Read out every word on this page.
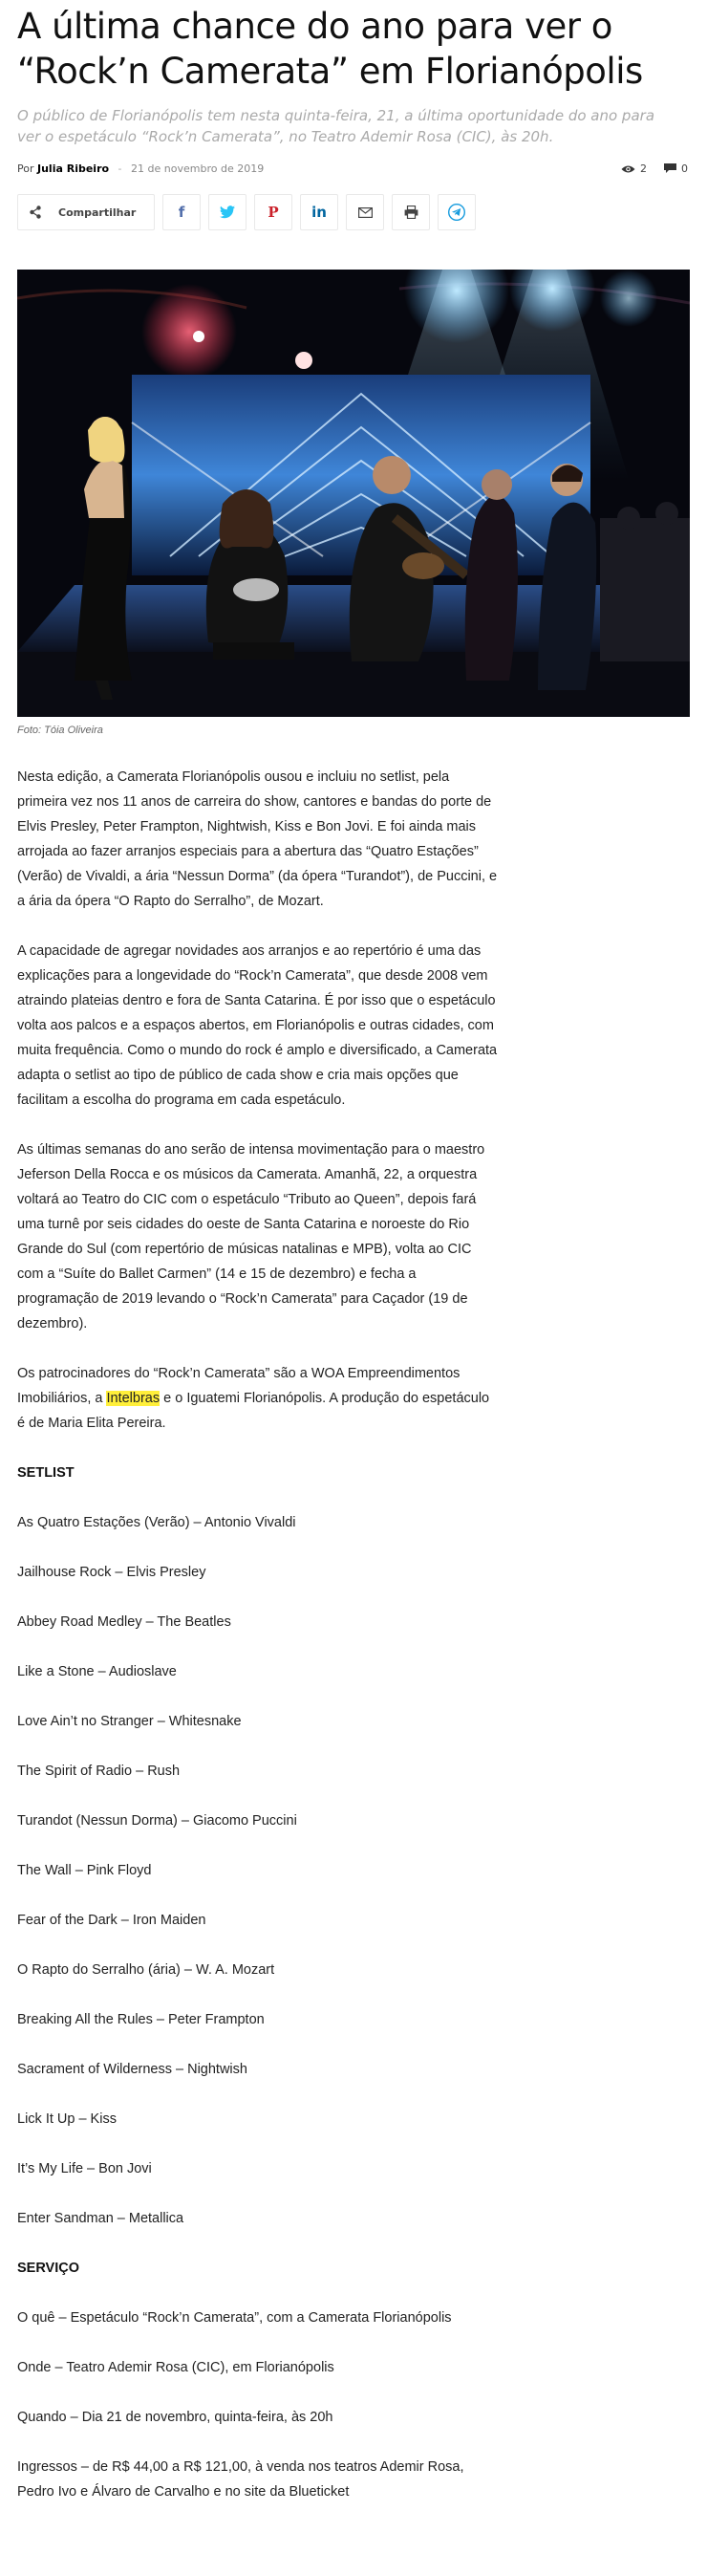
A última chance do ano para ver o “Rock’n Camerata” em Florianópolis

O público de Florianópolis tem nesta quinta-feira, 21, a última oportunidade do ano para ver o espetáculo “Rock’n Camerata”, no Teatro Ademir Rosa (CIC), às 20h.

Por Julia Ribeiro - 21 de novembro de 2019	2	0
Compartilhar	f	P in
Foto: Tóia Oliveira

Nesta edição, a Camerata Florianópolis ousou e incluiu no setlist, pela primeira vez nos 11 anos de carreira do show, cantores e bandas do porte de Elvis Presley, Peter Frampton, Nightwish, Kiss e Bon Jovi. E foi ainda mais arrojada ao fazer arranjos especiais para a abertura das “Quatro Estações” (Verão) de Vivaldi, a ária “Nessun Dorma” (da ópera “Turandot”), de Puccini, e a ária da ópera “O Rapto do Serralho”, de Mozart.

A capacidade de agregar novidades aos arranjos e ao repertório é uma das explicações para a longevidade do “Rock’n Camerata”, que desde 2008 vem atraindo plateias dentro e fora de Santa Catarina. É por isso que o espetáculo volta aos palcos e a espaços abertos, em Florianópolis e outras cidades, com muita frequência. Como o mundo do rock é amplo e diversificado, a Camerata adapta o setlist ao tipo de público de cada show e cria mais opções que facilitam a escolha do programa em cada espetáculo.

As últimas semanas do ano serão de intensa movimentação para o maestro Jeferson Della Rocca e os músicos da Camerata. Amanhã, 22, a orquestra voltará ao Teatro do CIC com o espetáculo “Tributo ao Queen”, depois fará uma turnê por seis cidades do oeste de Santa Catarina e noroeste do Rio Grande do Sul (com repertório de músicas natalinas e MPB), volta ao CIC com a “Suíte do Ballet Carmen” (14 e 15 de dezembro) e fecha a programação de 2019 levando o “Rock’n Camerata” para Caçador (19 de dezembro).

Os patrocinadores do “Rock’n Camerata” são a WOA Empreendimentos Imobiliários, a Intelbras e o Iguatemi Florianópolis. A produção do espetáculo é de Maria Elita Pereira.

SETLIST

As Quatro Estações (Verão) – Antonio Vivaldi

Jailhouse Rock – Elvis Presley

Abbey Road Medley – The Beatles

Like a Stone – Audioslave

Love Ain’t no Stranger – Whitesnake

The Spirit of Radio – Rush

Turandot (Nessun Dorma) – Giacomo Puccini

The Wall – Pink Floyd

Fear of the Dark – Iron Maiden

O Rapto do Serralho (ária) – W. A. Mozart

Breaking All the Rules – Peter Frampton

Sacrament of Wilderness – Nightwish

Lick It Up – Kiss

It’s My Life – Bon Jovi

Enter Sandman – Metallica

SERVIÇO

O quê – Espetáculo “Rock’n Camerata”, com a Camerata Florianópolis

Onde – Teatro Ademir Rosa (CIC), em Florianópolis

Quando – Dia 21 de novembro, quinta-feira, às 20h

Ingressos – de R$ 44,00 a R$ 121,00, à venda nos teatros Ademir Rosa, Pedro Ivo e Álvaro de Carvalho e no site da Blueticket
